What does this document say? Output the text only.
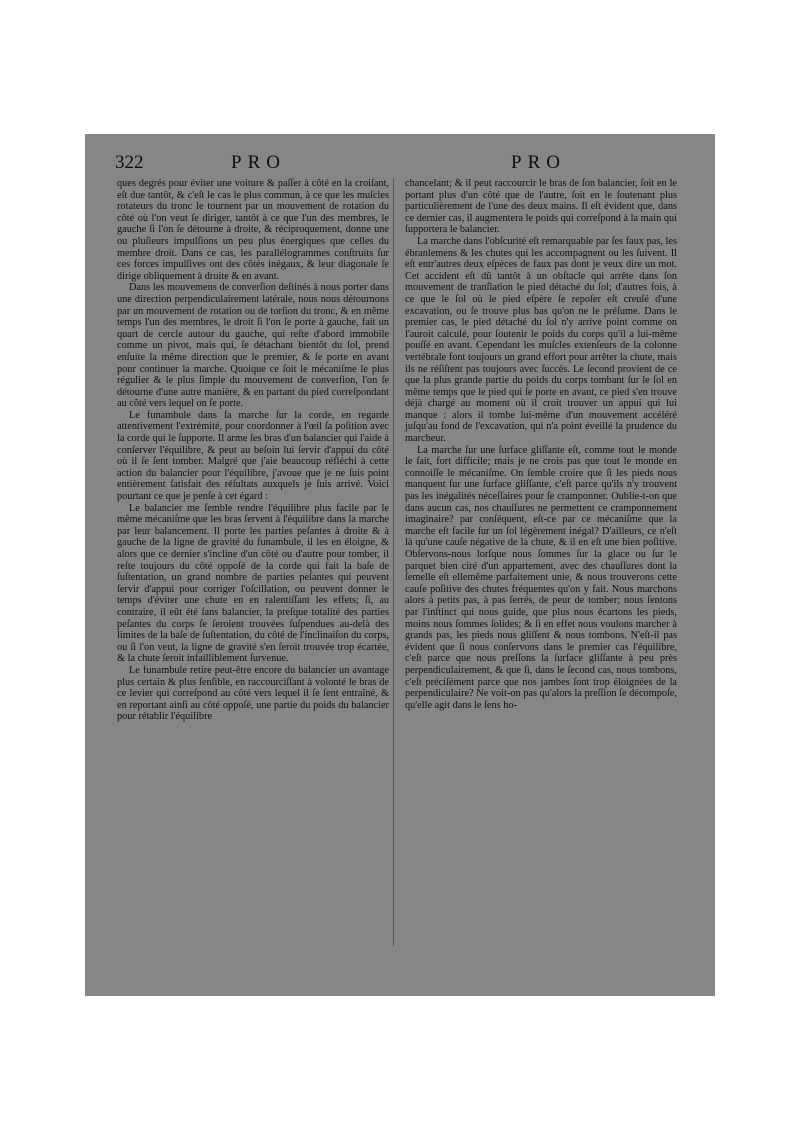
322	PRO	PRO

ques degrés pour éviter une voiture & paſſer à côté en la croiſant, eſt due tantôt, & c'eſt le cas le plus commun, à ce que les muſcles rotateurs du tronc le tournent par un mouvement de rotation du côté où l'on veut ſe diriger, tantôt à ce que l'un des membres, le gauche ſi l'on ſe détourne à droite, & réciproquement, donne une ou pluſieurs impulſions un peu plus énergiques que celles du membre droit. Dans ce cas, les parallélogrammes conſtruits ſur ces forces impulſives ont des côtés inégaux, & leur diagonale ſe dirige obliquement à droite & en avant.

Dans les mouvemens de converſion deſtinés à nous porter dans une direction perpendiculairement latérale, nous nous détournons par un mouvement de rotation ou de torſion du tronc, & en même temps l'un des membres, le droit ſi l'on ſe porte à gauche, fait un quart de cercle autour du gauche, qui reſte d'abord immobile comme un pivot, mais qui, ſe détachant bientôt du ſol, prend enſuite la même direction que le premier, & ſe porte en avant pour continuer la marche. Quoique ce ſoit le mécaniſme le plus régulier & le plus ſimple du mouvement de converſion, l'on ſe détourne d'une autre manière, & en partant du pied correſpondant au côté vers lequel on ſe porte.

Le funambule dans ſa marche ſur la corde, en regarde attentivement l'extrémité, pour coordonner à l'œil ſa poſition avec la corde qui le ſupporte. Il arme ſes bras d'un balancier qui l'aide à conſerver l'équilibre, & peut au beſoin lui ſervir d'appui du côté où il ſe ſent tomber. Malgré que j'aie beaucoup réfléchi à cette action du balancier pour l'équilibre, j'avoue que je ne ſuis point entièrement ſatisfait des réſultats auxquels je ſuis arrivé. Voici pourtant ce que je penſe à cet égard :

Le balancier me ſemble rendre l'équilibre plus facile par le même mécaniſme que les bras ſervent à l'équilibre dans la marche par leur balancement. Il porte les parties peſantes à droite & à gauche de la ligne de gravité du funambule, il les en éloigne, & alors que ce dernier s'incline d'un côté ou d'autre pour tomber, il reſte toujours du côté oppoſé de la corde qui fait la baſe de ſuſtentation, un grand nombre de parties peſantes qui peuvent ſervir d'appui pour corriger l'oſcillation, ou peuvent donner le temps d'éviter une chute en en ralentiſſant les effets; ſi, au contraire, il eût été ſans balancier, la preſque totalité des parties peſantes du corps ſe ſeroient trouvées ſuſpendues au-delà des limites de la baſe de ſuſtentation, du côté de l'inclinaiſon du corps, ou ſi l'on veut, la ligne de gravité s'en ſeroit trouvée trop écartée, & la chute ſeroit infailliblement ſurvenue.

Le funambule retire peut-être encore du balancier un avantage plus certain & plus ſenſible, en raccourciſſant à volonté le bras de ce levier qui correſpond au côté vers lequel il ſe ſent entraîné, & en reportant ainſi au côté oppoſé, une partie du poids du balancier pour rétablir l'équilibre

chancelant; & il peut raccourcir le bras de ſon balancier, ſoit en le portant plus d'un côté que de l'autre, ſoit en le ſoutenant plus particulièrement de l'une des deux mains. Il eſt évident que, dans ce dernier cas, il augmentera le poids qui correſpond à la main qui ſupportera le balancier.

La marche dans l'obſcurité eſt remarquable par ſes faux pas, les ébranlemens & les chutes qui les accompagnent ou les ſuivent. Il eſt entr'autres deux eſpèces de faux pas dont je veux dire un mot. Cet accident eſt dû tantôt à un obſtacle qui arrête dans ſon mouvement de tranſlation le pied détaché du ſol; d'autres fois, à ce que le ſol où le pied eſpère ſe repoſer eſt creuſé d'une excavation, ou ſe trouve plus bas qu'on ne le préſume. Dans le premier cas, le pied détaché du ſol n'y arrive point comme on l'auroit calculé, pour ſoutenir le poids du corps qu'il a lui-même pouſſé en avant. Cependant les muſcles extenſeurs de la colonne vertébrale font toujours un grand effort pour arrêter la chute, mais ils ne réſiſtent pas toujours avec ſuccès. Le ſecond provient de ce que la plus grande partie du poids du corps tombant ſur le ſol en même temps que le pied qui ſe porte en avant, ce pied s'en trouve déjà chargé au moment où il croit trouver un appui qui lui manque : alors il tombe lui-même d'un mouvement accéléré juſqu'au fond de l'excavation, qui n'a point éveillé la prudence du marcheur.

La marche ſur une ſurface gliſſante eſt, comme tout le monde le ſait, fort difficile; mais je ne crois pas que tout le monde en connoiſſe le mécaniſme. On ſemble croire que ſi les pieds nous manquent ſur une ſurface gliſſante, c'eſt parce qu'ils n'y trouvent pas les inégalités néceſſaires pour ſe cramponner. Oublie-t-on que dans aucun cas, nos chauſſures ne permettent ce cramponnement imaginaire? par conſéquent, eſt-ce par ce mécaniſme que la marche eſt facile ſur un ſol légèrement inégal? D'ailleurs, ce n'eſt là qu'une cauſe négative de la chute, & il en eſt une bien poſitive. Obſervons-nous lorſque nous ſommes ſur la glace ou ſur le parquet bien ciré d'un appartement, avec des chauſſures dont la ſemelle eſt ellemême parfaitement unie, & nous trouverons cette cauſe poſitive des chutes fréquentes qu'on y fait. Nous marchons alors à petits pas, à pas ſerrés, de peur de tomber; nous ſentons par l'inſtinct qui nous guide, que plus nous écartons les pieds, moins nous ſommes ſolides; & ſi en effet nous voulons marcher à grands pas, les pieds nous gliſſent & nous tombons. N'eſt-il pas évident que ſi nous conſervons dans le premier cas l'équilibre, c'eſt parce que nous preſſons la ſurface gliſſante à peu près perpendiculairement, & que ſi, dans le ſecond cas, nous tombons, c'eſt préciſément parce que nos jambes ſont trop éloignées de la perpendiculaire? Ne voit-on pas qu'alors la preſſion ſe décompoſe, qu'elle agit dans le ſens ho-
